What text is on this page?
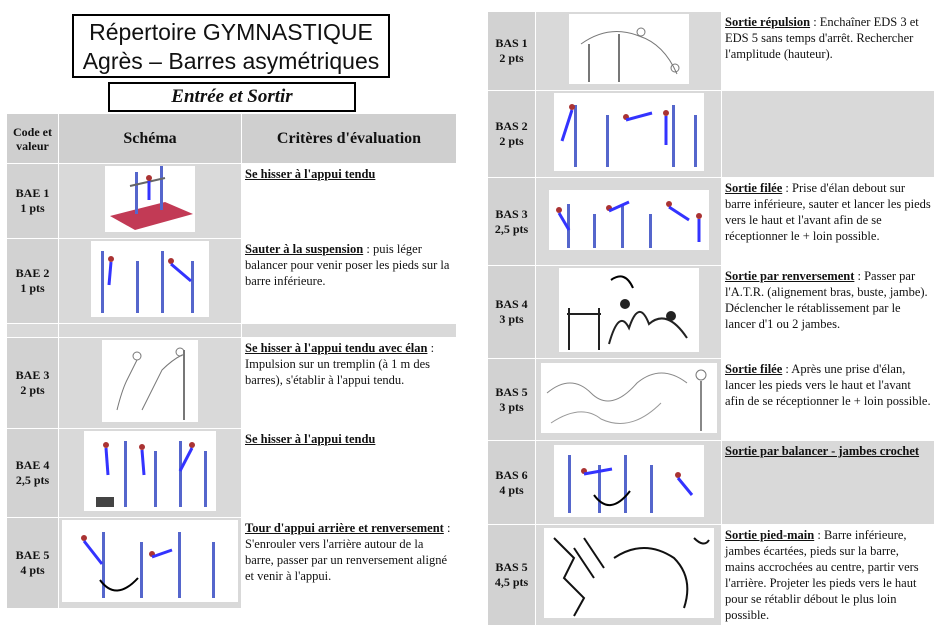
Répertoire GYMNASTIQUE
Agrès – Barres asymétriques
Entrée et Sortir
Code et valeur	Schéma	Critères d'évaluation

BAE 1
1 pts		Se hisser à l'appui tendu

BAE 2
1 pts		Sauter à la suspension : puis léger balancer pour venir poser les pieds sur la barre inférieure.

BAE 3
2 pts		Se hisser à l'appui tendu avec élan : Impulsion sur un tremplin (à 1 m des barres), s'établir à l'appui tendu.

BAE 4
2,5 pts		Se hisser à l'appui tendu

BAE 5
4 pts		Tour d'appui arrière et renversement : S'enrouler vers l'arrière autour de la barre, passer par un renversement aligné et venir à l'appui.
BAS 1
2 pts		Sortie répulsion : Enchaîner EDS 3 et EDS 5 sans temps d'arrêt. Rechercher l'amplitude (hauteur).

BAS 2
2 pts

BAS 3
2,5 pts		Sortie filée : Prise d'élan debout sur barre inférieure, sauter et lancer les pieds vers le haut et l'avant afin de se réceptionner le + loin possible.

BAS 4
3 pts		Sortie par renversement : Passer par l'A.T.R. (alignement bras, buste, jambe). Déclencher le rétablissement par le lancer d'1 ou 2 jambes.

BAS 5
3 pts		Sortie filée : Après une prise d'élan, lancer les pieds vers le haut et l'avant afin de se réceptionner le + loin possible.

BAS 6
4 pts		Sortie par balancer - jambes crochet

BAS 5
4,5 pts		Sortie pied-main : Barre inférieure, jambes écartées, pieds sur la barre, mains accrochées au centre, partir vers l'arrière. Projeter les pieds vers le haut pour se rétablir débout le plus loin possible.
